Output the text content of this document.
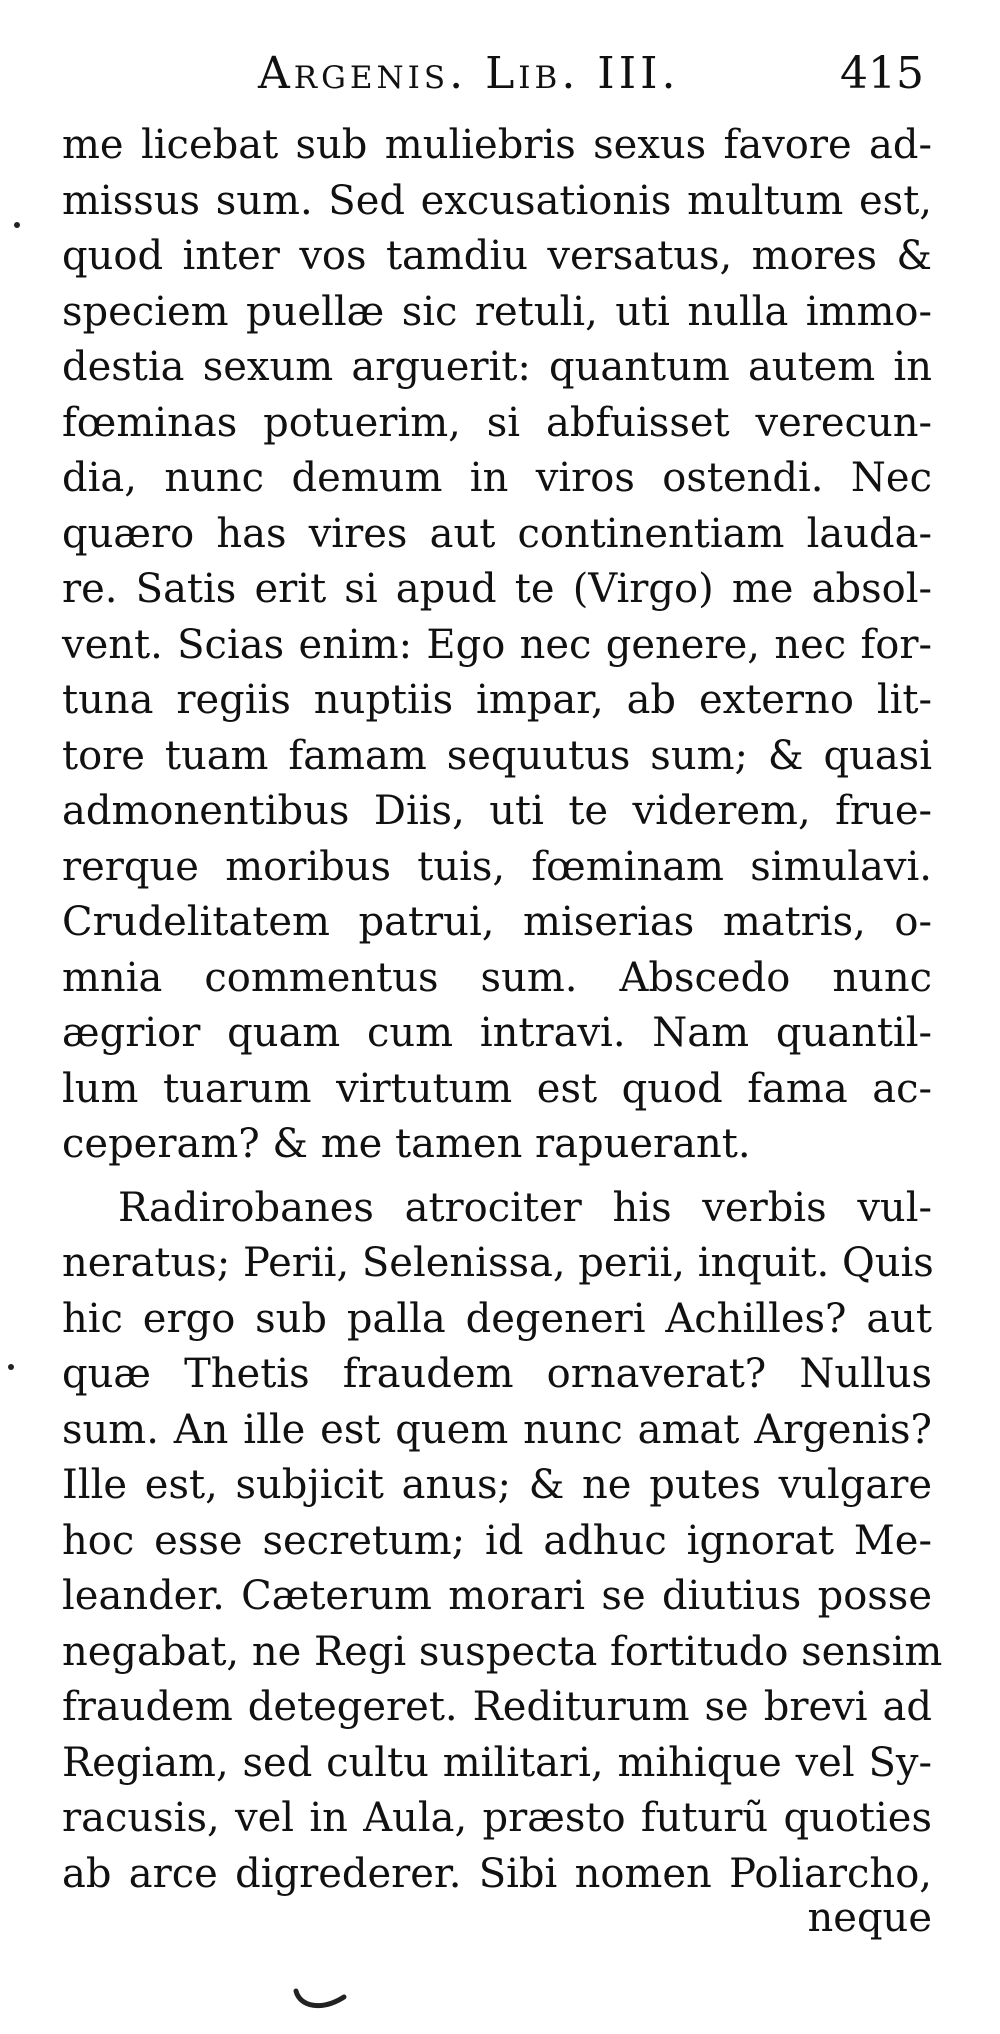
Argenis. Lib. III.	415
me licebat sub muliebris sexus favore ad-
missus sum. Sed excusationis multum est,
quod inter vos tamdiu versatus, mores &
speciem puellæ sic retuli, uti nulla immo-
destia sexum arguerit: quantum autem in
fœminas potuerim, si abfuisset verecun-
dia, nunc demum in viros ostendi. Nec
quæro has vires aut continentiam lauda-
re. Satis erit si apud te (Virgo) me absol-
vent. Scias enim: Ego nec genere, nec for-
tuna regiis nuptiis impar, ab externo lit-
tore tuam famam sequutus sum; & quasi
admonentibus Diis, uti te viderem, frue-
rerque moribus tuis, fœminam simulavi.
Crudelitatem patrui, miserias matris, o-
mnia commentus sum. Abscedo nunc
ægrior quam cum intravi. Nam quantil-
lum tuarum virtutum est quod fama ac-
ceperam? & me tamen rapuerant.
Radirobanes atrociter his verbis vul-
neratus; Perii, Selenissa, perii, inquit. Quis
hic ergo sub palla degeneri Achilles? aut
quæ Thetis fraudem ornaverat? Nullus
sum. An ille est quem nunc amat Argenis?
Ille est, subjicit anus; & ne putes vulgare
hoc esse secretum; id adhuc ignorat Me-
leander. Cæterum morari se diutius posse
negabat, ne Regi suspecta fortitudo sensim
fraudem detegeret. Rediturum se brevi ad
Regiam, sed cultu militari, mihique vel Sy-
racusis, vel in Aula, præsto futurũ quoties
ab arce digrederer. Sibi nomen Poliarcho,
neque
